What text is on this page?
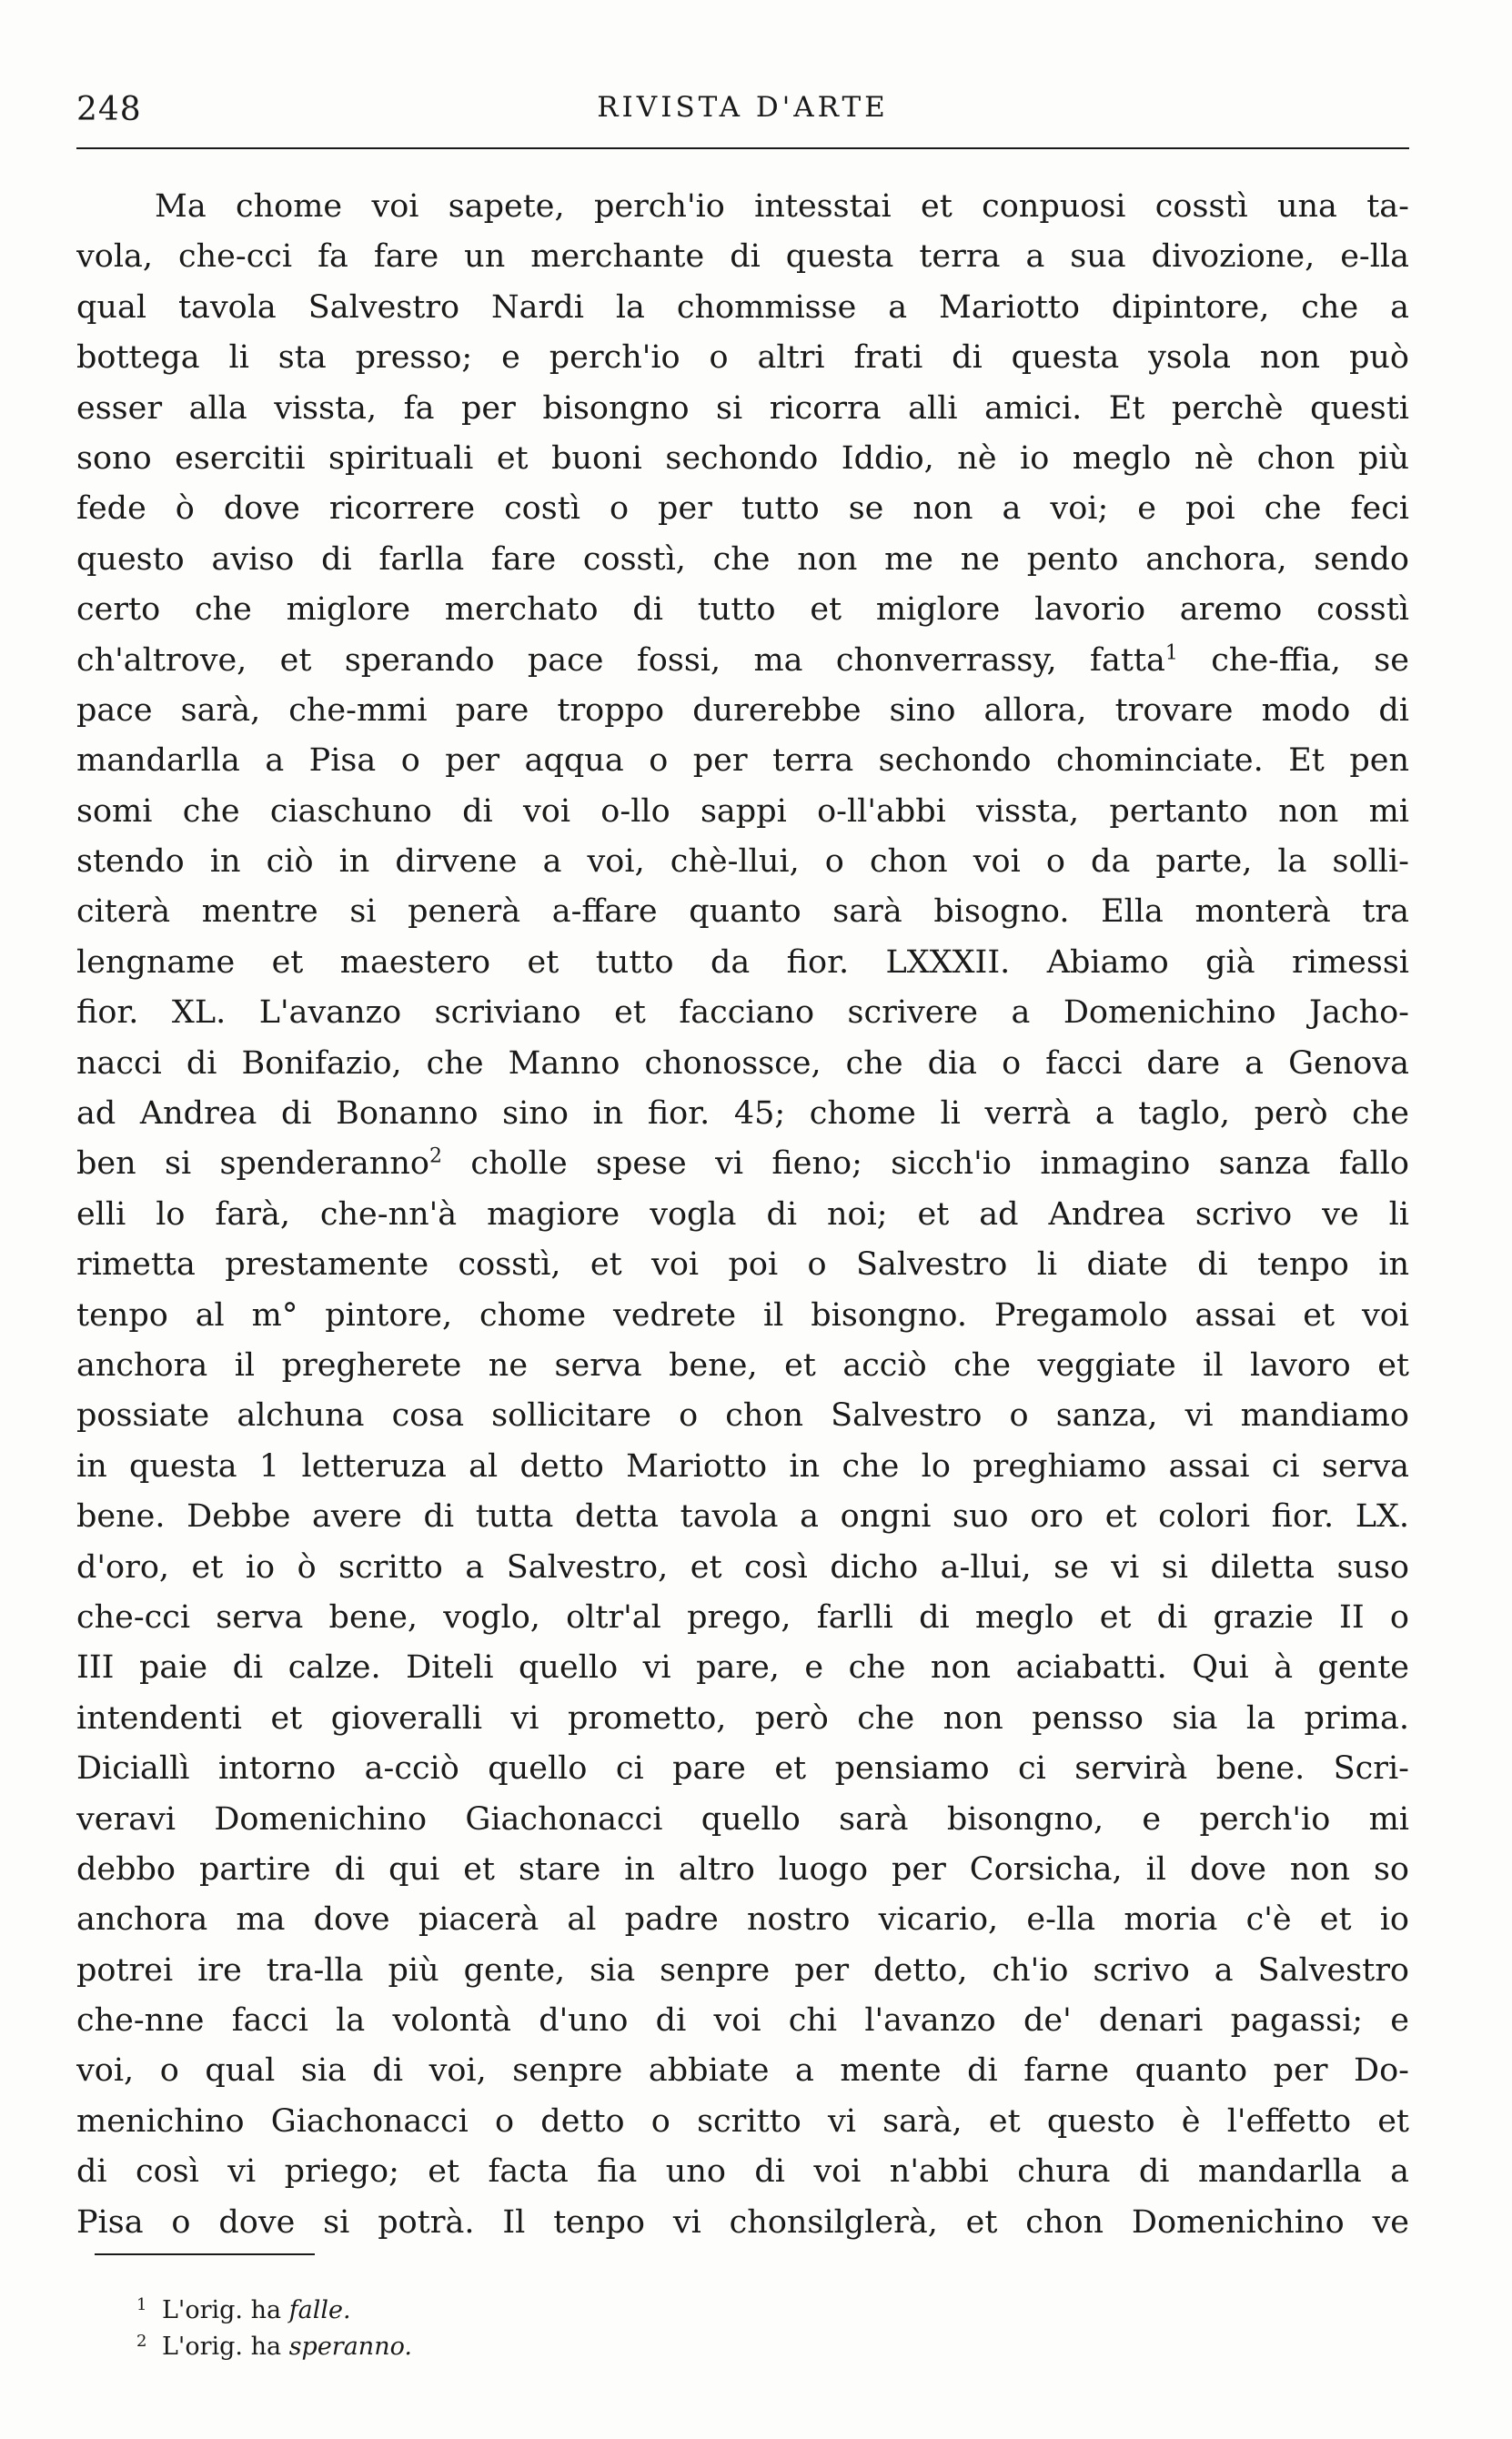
248	RIVISTA D'ARTE
Ma chome voi sapete, perch'io intesstai et conpuosi cosstì una ta-
vola, che-cci fa fare un merchante di questa terra a sua divozione, e-lla
qual tavola Salvestro Nardi la chommisse a Mariotto dipintore, che a
bottega li sta presso; e perch'io o altri frati di questa ysola non può
esser alla vissta, fa per bisongno si ricorra alli amici. Et perchè questi
sono esercitii spirituali et buoni sechondo Iddio, nè io meglo nè chon più
fede ò dove ricorrere costì o per tutto se non a voi; e poi che feci
questo aviso di farlla fare cosstì, che non me ne pento anchora, sendo
certo che miglore merchato di tutto et miglore lavorio aremo cosstì
ch'altrove, et sperando pace fossi, ma chonverrassy, fatta$^1$ che-ffia, se
pace sarà, che-mmi pare troppo durerebbe sino allora, trovare modo di
mandarlla a Pisa o per aqqua o per terra sechondo chominciate. Et pen
somi che ciaschuno di voi o-llo sappi o-ll'abbi vissta, pertanto non mi
stendo in ciò in dirvene a voi, chè-llui, o chon voi o da parte, la solli-
citerà mentre si penerà a-ffare quanto sarà bisogno. Ella monterà tra
lengname et maestero et tutto da fior. LXXXII. Abiamo già rimessi
fior. XL. L'avanzo scriviano et facciano scrivere a Domenichino Jacho-
nacci di Bonifazio, che Manno chonossce, che dia o facci dare a Genova
ad Andrea di Bonanno sino in fior. 45; chome li verrà a taglo, però che
ben si spenderanno$^2$ cholle spese vi fieno; sicch'io inmagino sanza fallo
elli lo farà, che-nn'à magiore vogla di noi; et ad Andrea scrivo ve li
rimetta prestamente cosstì, et voi poi o Salvestro li diate di tenpo in
tenpo al m° pintore, chome vedrete il bisongno. Pregamolo assai et voi
anchora il pregherete ne serva bene, et acciò che veggiate il lavoro et
possiate alchuna cosa sollicitare o chon Salvestro o sanza, vi mandiamo
in questa 1 letteruza al detto Mariotto in che lo preghiamo assai ci serva
bene. Debbe avere di tutta detta tavola a ongni suo oro et colori fior. LX.
d'oro, et io ò scritto a Salvestro, et così dicho a-llui, se vi si diletta suso
che-cci serva bene, voglo, oltr'al prego, farlli di meglo et di grazie II o
III paie di calze. Diteli quello vi pare, e che non aciabatti. Qui à gente
intendenti et gioveralli vi prometto, però che non pensso sia la prima.
Diciallì intorno a-cciò quello ci pare et pensiamo ci servirà bene. Scri-
veravi Domenichino Giachonacci quello sarà bisongno, e perch'io mi
debbo partire di qui et stare in altro luogo per Corsicha, il dove non so
anchora ma dove piacerà al padre nostro vicario, e-lla moria c'è et io
potrei ire tra-lla più gente, sia senpre per detto, ch'io scrivo a Salvestro
che-nne facci la volontà d'uno di voi chi l'avanzo de' denari pagassi; e
voi, o qual sia di voi, senpre abbiate a mente di farne quanto per Do-
menichino Giachonacci o detto o scritto vi sarà, et questo è l'effetto et
di così vi priego; et facta fia uno di voi n'abbi chura di mandarlla a
Pisa o dove si potrà. Il tenpo vi chonsilglerà, et chon Domenichino ve
1 L'orig. ha falle.
2 L'orig. ha speranno.
